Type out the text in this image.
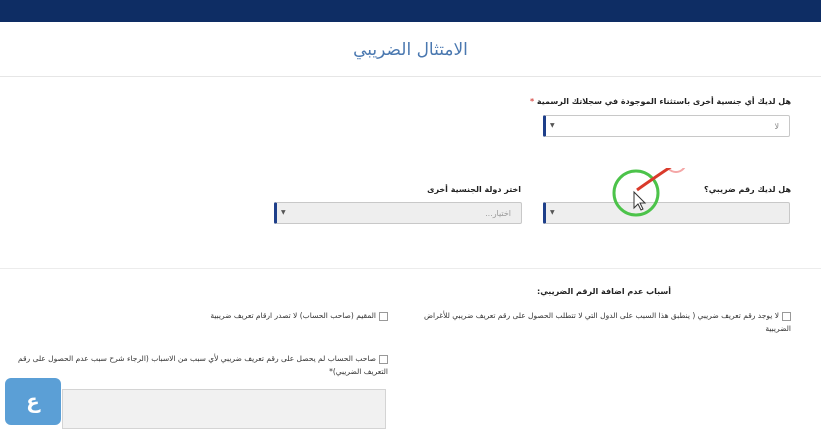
الامتثال الضريبي
هل لديك أي جنسية أخرى باستثناء الموجودة في سجلاتك الرسمية *
▼	لا
هل لديك رقم ضريبي؟
▼
اختر دولة الجنسية أخرى
▼	اختيار...
أسباب عدم اضافة الرقم الضريبي:
لا يوجد رقم تعريف ضريبي ( ينطبق هذا السبب على الدول التي لا تتطلب الحصول على رقم تعريف ضريبي للأغراض الضريبية
المقيم (صاحب الحساب) لا تصدر ارقام تعريف ضريبية
صاحب الحساب لم يحصل على رقم تعريف ضريبي لأي سبب من الاسباب (الرجاء شرح سبب عدم الحصول على رقم التعريف الضريبي)*
ع
